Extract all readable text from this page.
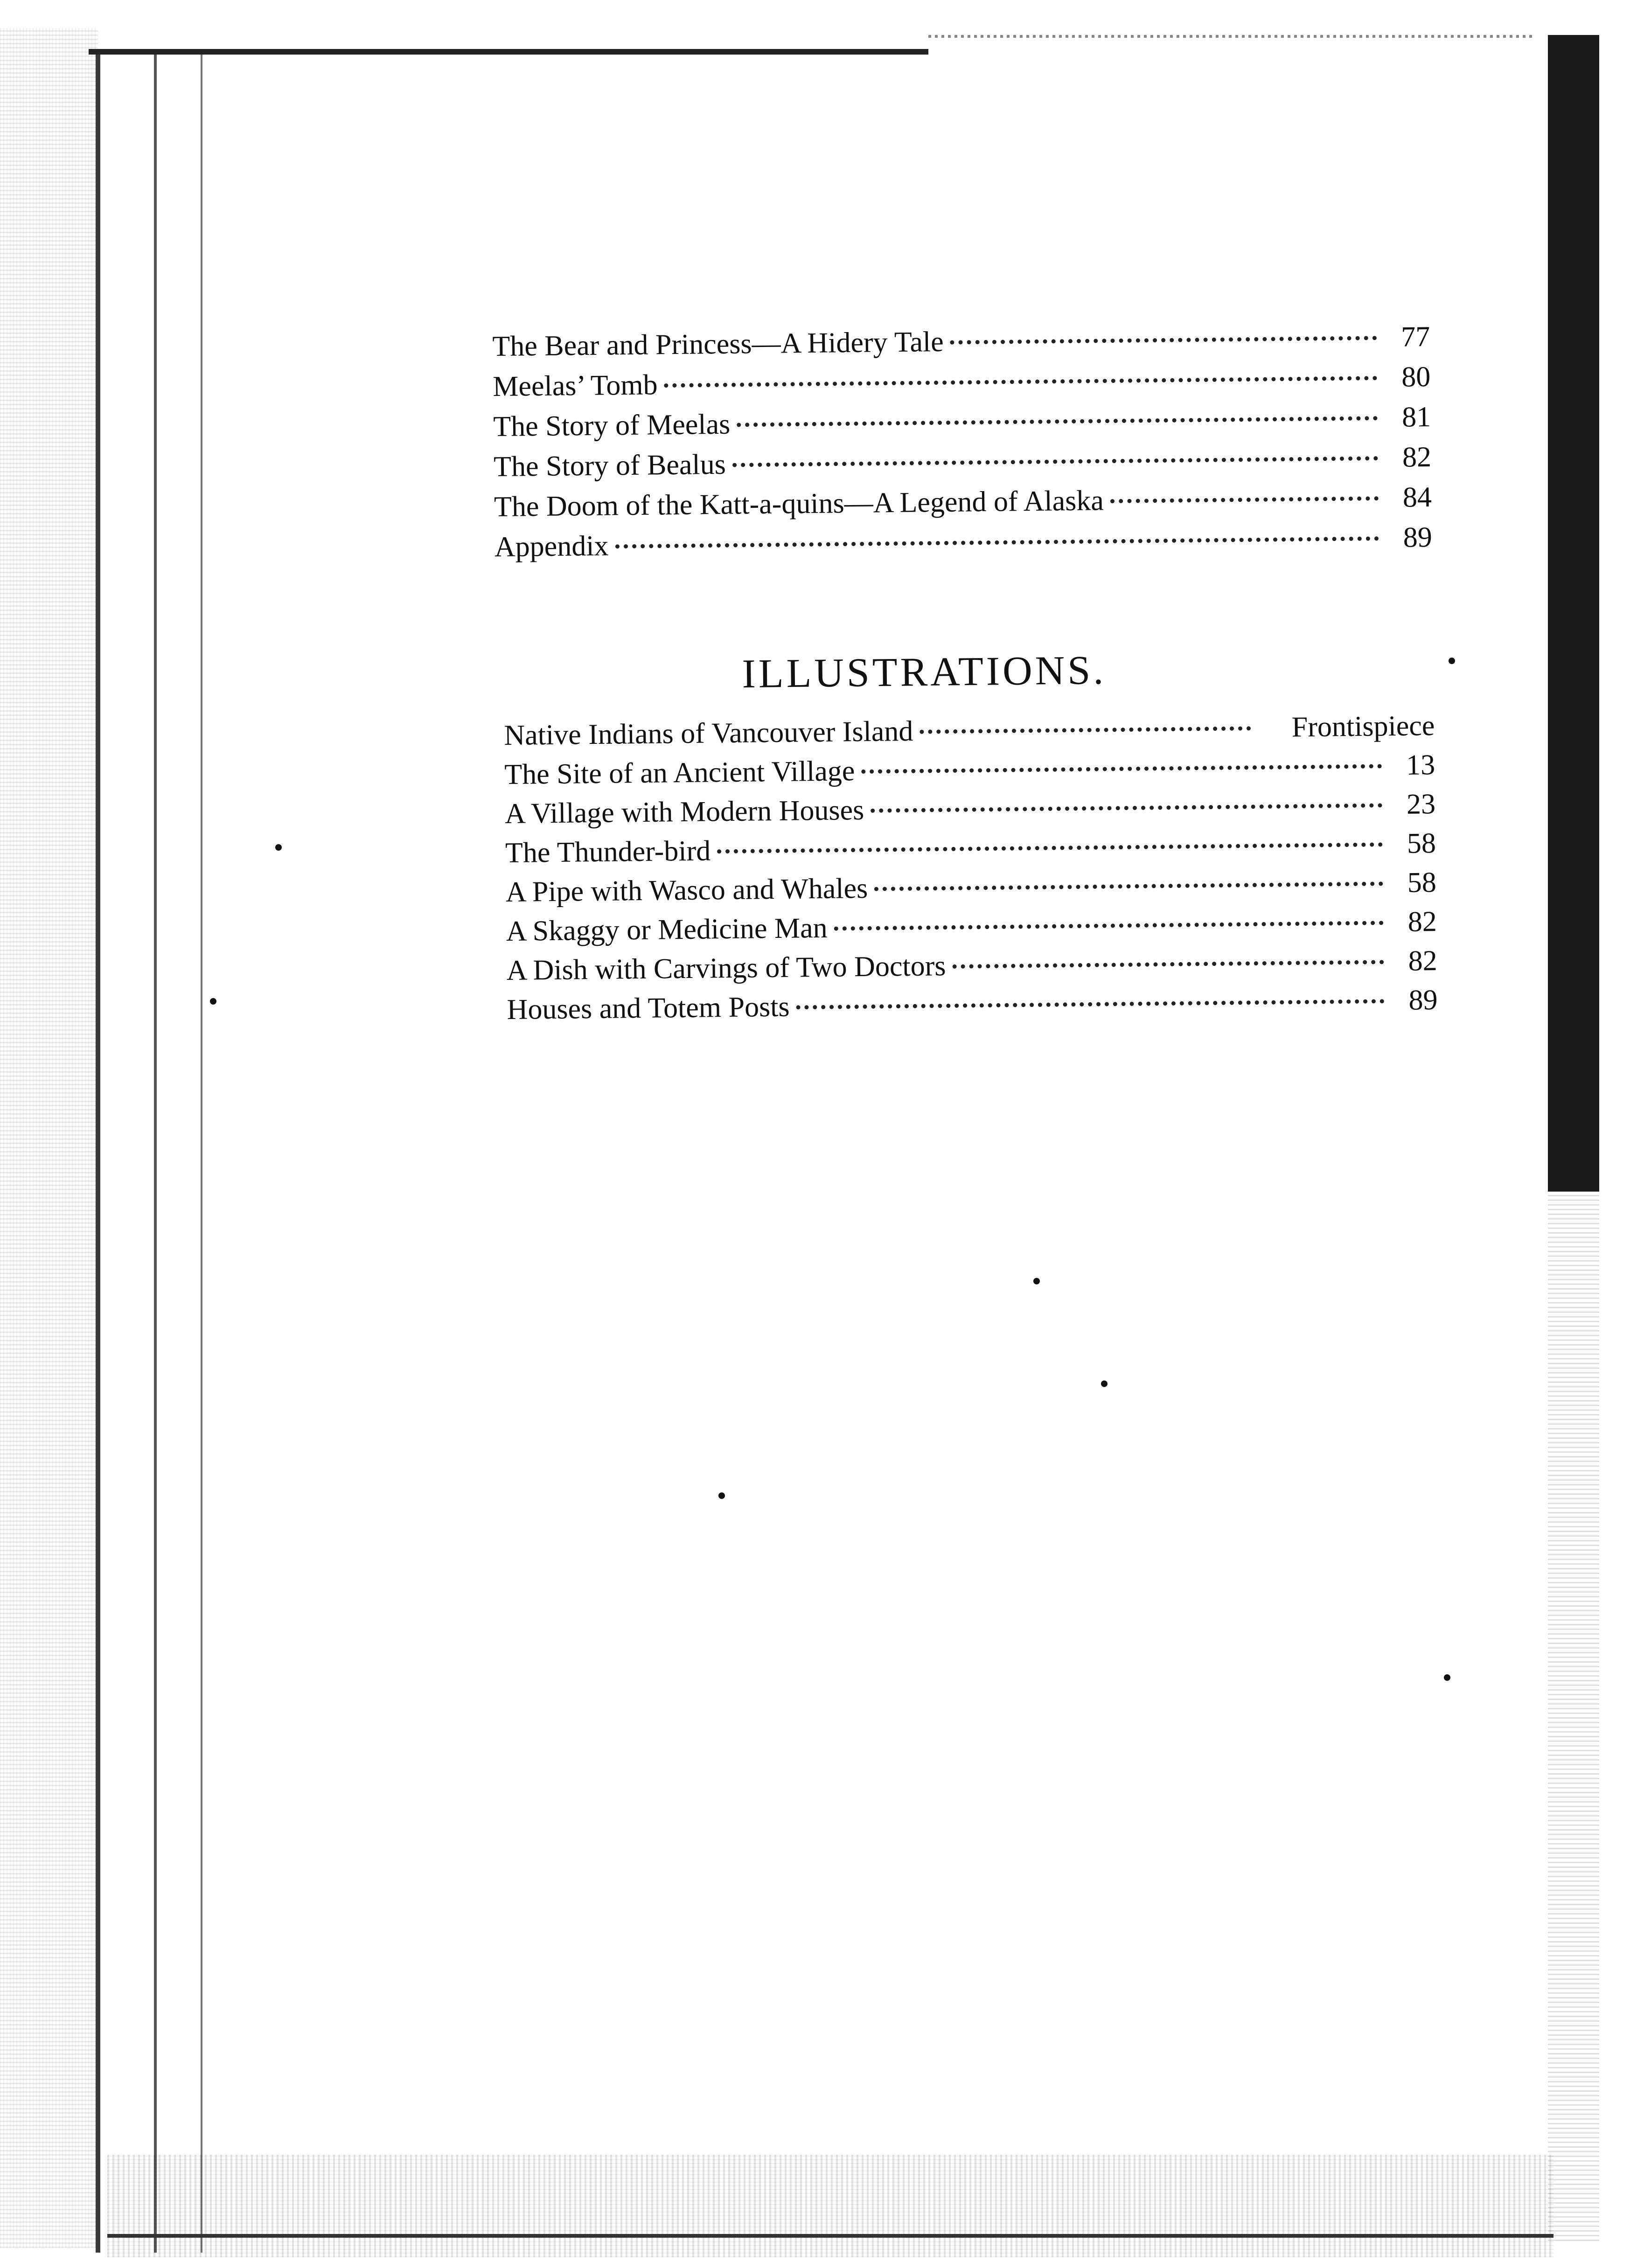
The Bear and Princess—A Hidery Tale	77
Meelas’ Tomb	80
The Story of Meelas	81
The Story of Bealus	82
The Doom of the Katt-a-quins—A Legend of Alaska	84
Appendix	89
ILLUSTRATIONS.
Native Indians of Vancouver Island	Frontispiece
The Site of an Ancient Village	13
A Village with Modern Houses	23
The Thunder-bird	58
A Pipe with Wasco and Whales	58
A Skaggy or Medicine Man	82
A Dish with Carvings of Two Doctors	82
Houses and Totem Posts	89
